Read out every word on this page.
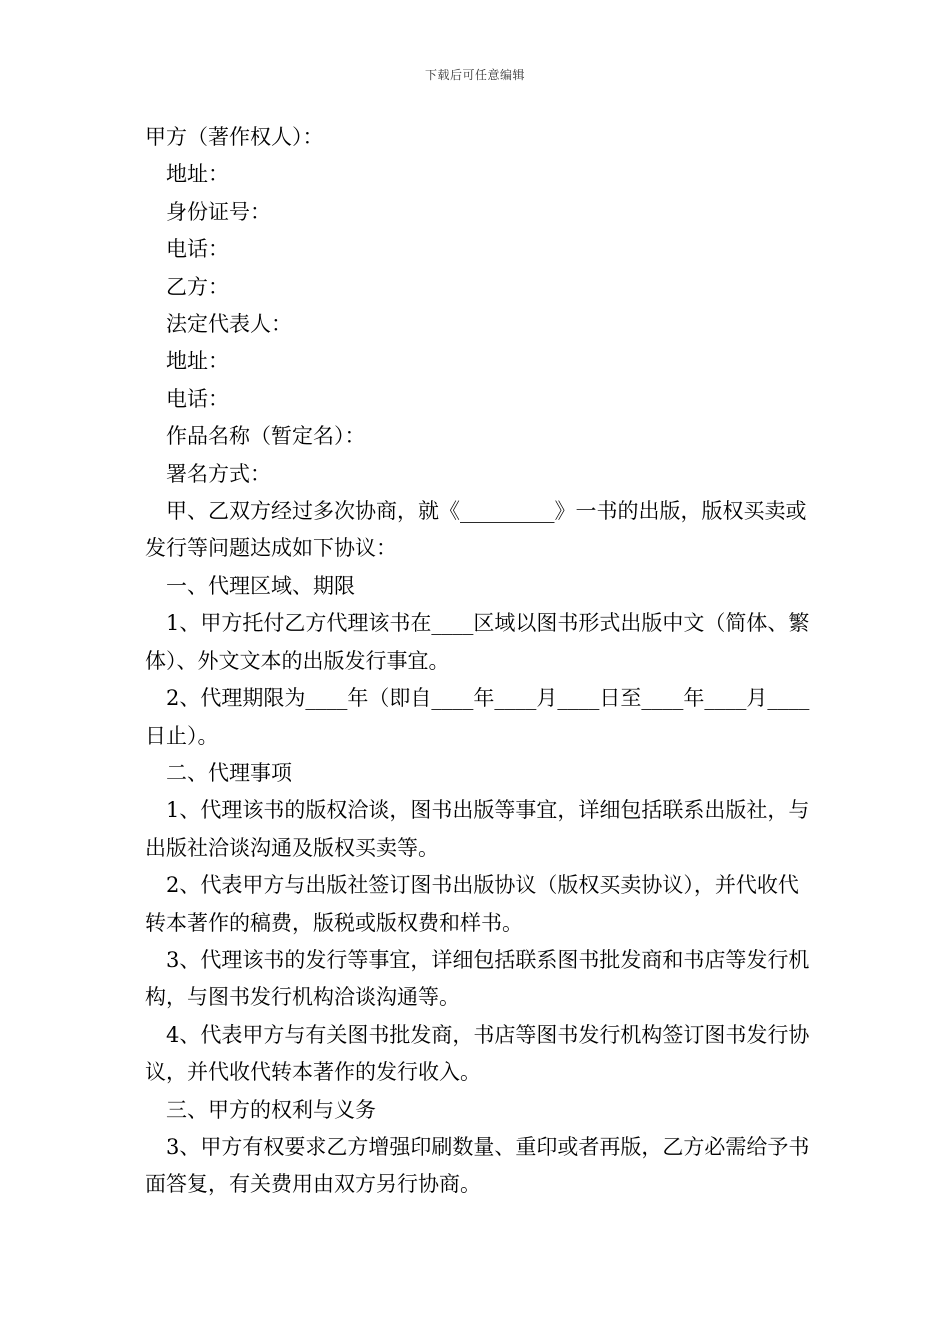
下载后可任意编辑
甲方（著作权人）：
地址：
身份证号：
电话：
乙方：
法定代表人：
地址：
电话：
作品名称（暂定名）：
署名方式：
甲、乙双方经过多次协商，就《_________》一书的出版，版权买卖或发行等问题达成如下协议：
一、代理区域、期限
1、甲方托付乙方代理该书在____区域以图书形式出版中文（简体、繁体）、外文文本的出版发行事宜。
2、代理期限为____年（即自____年____月____日至____年____月____日止）。
二、代理事项
1、代理该书的版权洽谈，图书出版等事宜，详细包括联系出版社，与出版社洽谈沟通及版权买卖等。
2、代表甲方与出版社签订图书出版协议（版权买卖协议），并代收代转本著作的稿费，版税或版权费和样书。
3、代理该书的发行等事宜，详细包括联系图书批发商和书店等发行机构，与图书发行机构洽谈沟通等。
4、代表甲方与有关图书批发商，书店等图书发行机构签订图书发行协议，并代收代转本著作的发行收入。
三、甲方的权利与义务
3、甲方有权要求乙方增强印刷数量、重印或者再版，乙方必需给予书面答复，有关费用由双方另行协商。
